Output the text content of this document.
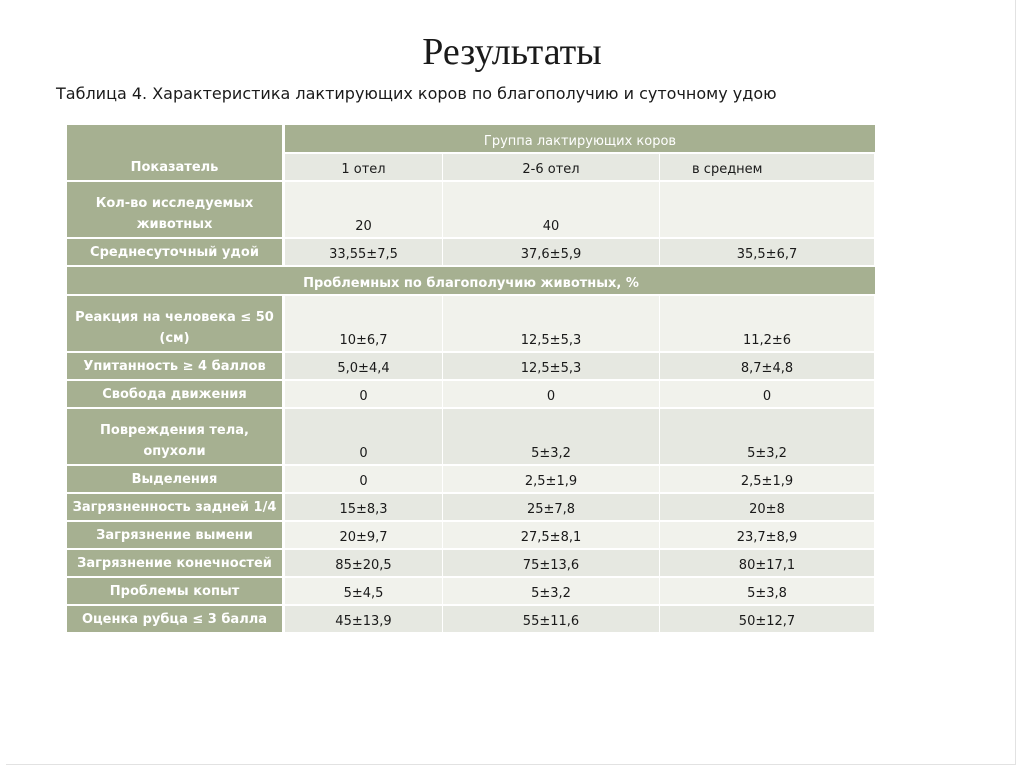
Результаты
Таблица 4. Характеристика лактирующих коров по благополучию и суточному удою
Показатель	Группа лактирующих коров		
	1 отел	2-6 отел	в среднем
Кол-во исследуемых животных	20	40	
Среднесуточный удой	33,55±7,5	37,6±5,9	35,5±6,7
Проблемных по благополучию животных, %			
Реакция на человека ≤ 50 (см)	10±6,7	12,5±5,3	11,2±6
Упитанность ≥ 4 баллов	5,0±4,4	12,5±5,3	8,7±4,8
Свобода движения	0	0	0
Повреждения тела, опухоли	0	5±3,2	5±3,2
Выделения	0	2,5±1,9	2,5±1,9
Загрязненность задней 1/4	15±8,3	25±7,8	20±8
Загрязнение вымени	20±9,7	27,5±8,1	23,7±8,9
Загрязнение конечностей	85±20,5	75±13,6	80±17,1
Проблемы копыт	5±4,5	5±3,2	5±3,8
Оценка рубца ≤ 3 балла	45±13,9	55±11,6	50±12,7
